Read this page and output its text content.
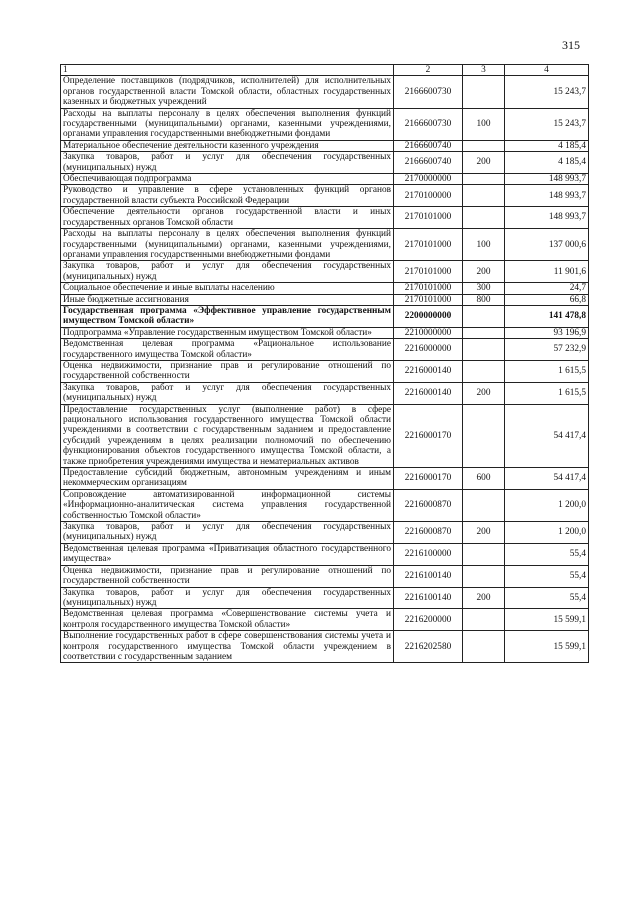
315
1	2	3	4
Определение поставщиков (подрядчиков, исполнителей) для исполнительных органов государственной власти Томской области, областных государственных казенных и бюджетных учреждений	2166600730		15 243,7
Расходы на выплаты персоналу в целях обеспечения выполнения функций государственными (муниципальными) органами, казенными учреждениями, органами управления государственными внебюджетными фондами	2166600730	100	15 243,7
Материальное обеспечение деятельности казенного учреждения	2166600740		4 185,4
Закупка товаров, работ и услуг для обеспечения государственных (муниципальных) нужд	2166600740	200	4 185,4
Обеспечивающая подпрограмма	2170000000		148 993,7
Руководство и управление в сфере установленных функций органов государственной власти субъекта Российской Федерации	2170100000		148 993,7
Обеспечение деятельности органов государственной власти и иных государственных органов Томской области	2170101000		148 993,7
Расходы на выплаты персоналу в целях обеспечения выполнения функций государственными (муниципальными) органами, казенными учреждениями, органами управления государственными внебюджетными фондами	2170101000	100	137 000,6
Закупка товаров, работ и услуг для обеспечения государственных (муниципальных) нужд	2170101000	200	11 901,6
Социальное обеспечение и иные выплаты населению	2170101000	300	24,7
Иные бюджетные ассигнования	2170101000	800	66,8
Государственная программа «Эффективное управление государственным имуществом Томской области»	2200000000		141 478,8
Подпрограмма «Управление государственным имуществом Томской области»	2210000000		93 196,9
Ведомственная целевая программа «Рациональное использование государственного имущества Томской области»	2216000000		57 232,9
Оценка недвижимости, признание прав и регулирование отношений по государственной собственности	2216000140		1 615,5
Закупка товаров, работ и услуг для обеспечения государственных (муниципальных) нужд	2216000140	200	1 615,5
Предоставление государственных услуг (выполнение работ) в сфере рационального использования государственного имущества Томской области учреждениями в соответствии с государственным заданием и предоставление субсидий учреждениям в целях реализации полномочий по обеспечению функционирования объектов государственного имущества Томской области, а также приобретения учреждениями имущества и нематериальных активов	2216000170		54 417,4
Предоставление субсидий бюджетным, автономным учреждениям и иным некоммерческим организациям	2216000170	600	54 417,4
Сопровождение автоматизированной информационной системы «Информационно-аналитическая система управления государственной собственностью Томской области»	2216000870		1 200,0
Закупка товаров, работ и услуг для обеспечения государственных (муниципальных) нужд	2216000870	200	1 200,0
Ведомственная целевая программа «Приватизация областного государственного имущества»	2216100000		55,4
Оценка недвижимости, признание прав и регулирование отношений по государственной собственности	2216100140		55,4
Закупка товаров, работ и услуг для обеспечения государственных (муниципальных) нужд	2216100140	200	55,4
Ведомственная целевая программа «Совершенствование системы учета и контроля государственного имущества Томской области»	2216200000		15 599,1
Выполнение государственных работ в сфере совершенствования системы учета и контроля государственного имущества Томской области учреждением в соответствии с государственным заданием	2216202580		15 599,1
